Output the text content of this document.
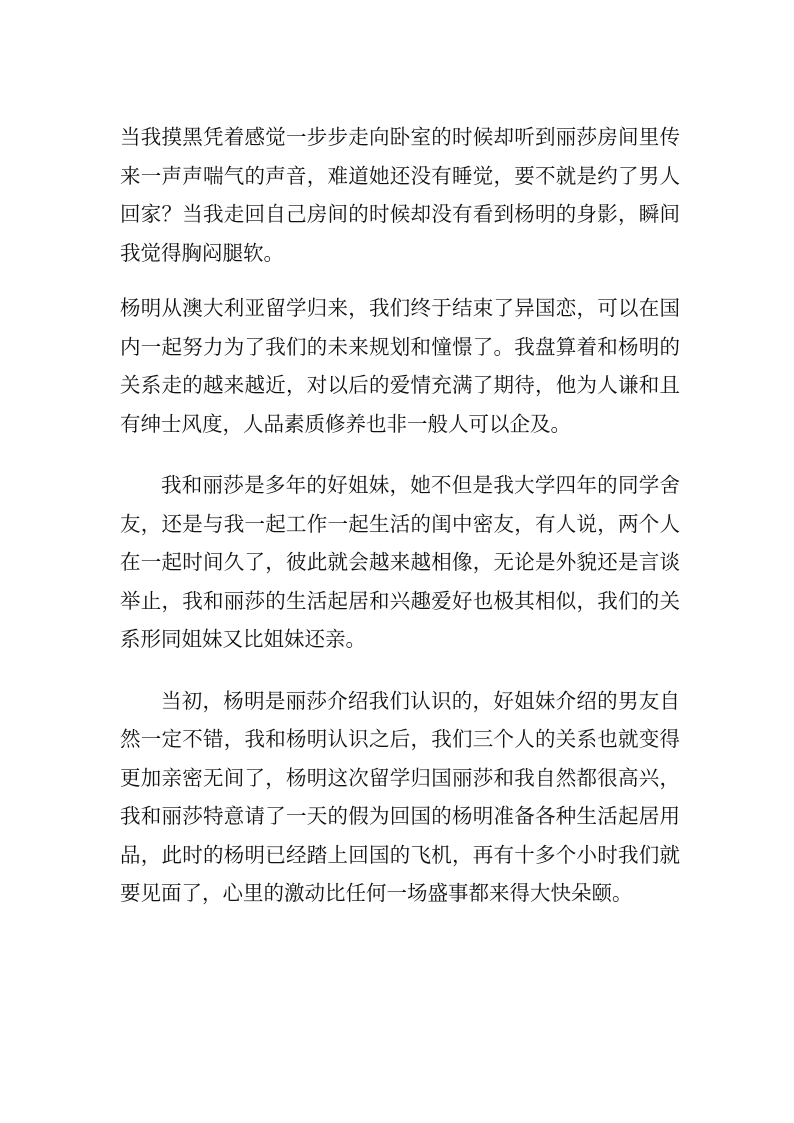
当我摸黑凭着感觉一步步走向卧室的时候却听到丽莎房间里传来一声声喘气的声音，难道她还没有睡觉，要不就是约了男人回家？当我走回自己房间的时候却没有看到杨明的身影，瞬间我觉得胸闷腿软。

杨明从澳大利亚留学归来，我们终于结束了异国恋，可以在国内一起努力为了我们的未来规划和憧憬了。我盘算着和杨明的关系走的越来越近，对以后的爱情充满了期待，他为人谦和且有绅士风度，人品素质修养也非一般人可以企及。

我和丽莎是多年的好姐妹，她不但是我大学四年的同学舍友，还是与我一起工作一起生活的闺中密友，有人说，两个人在一起时间久了，彼此就会越来越相像，无论是外貌还是言谈举止，我和丽莎的生活起居和兴趣爱好也极其相似，我们的关系形同姐妹又比姐妹还亲。

当初，杨明是丽莎介绍我们认识的，好姐妹介绍的男友自然一定不错，我和杨明认识之后，我们三个人的关系也就变得更加亲密无间了，杨明这次留学归国丽莎和我自然都很高兴，我和丽莎特意请了一天的假为回国的杨明准备各种生活起居用品，此时的杨明已经踏上回国的飞机，再有十多个小时我们就要见面了，心里的激动比任何一场盛事都来得大快朵颐。
